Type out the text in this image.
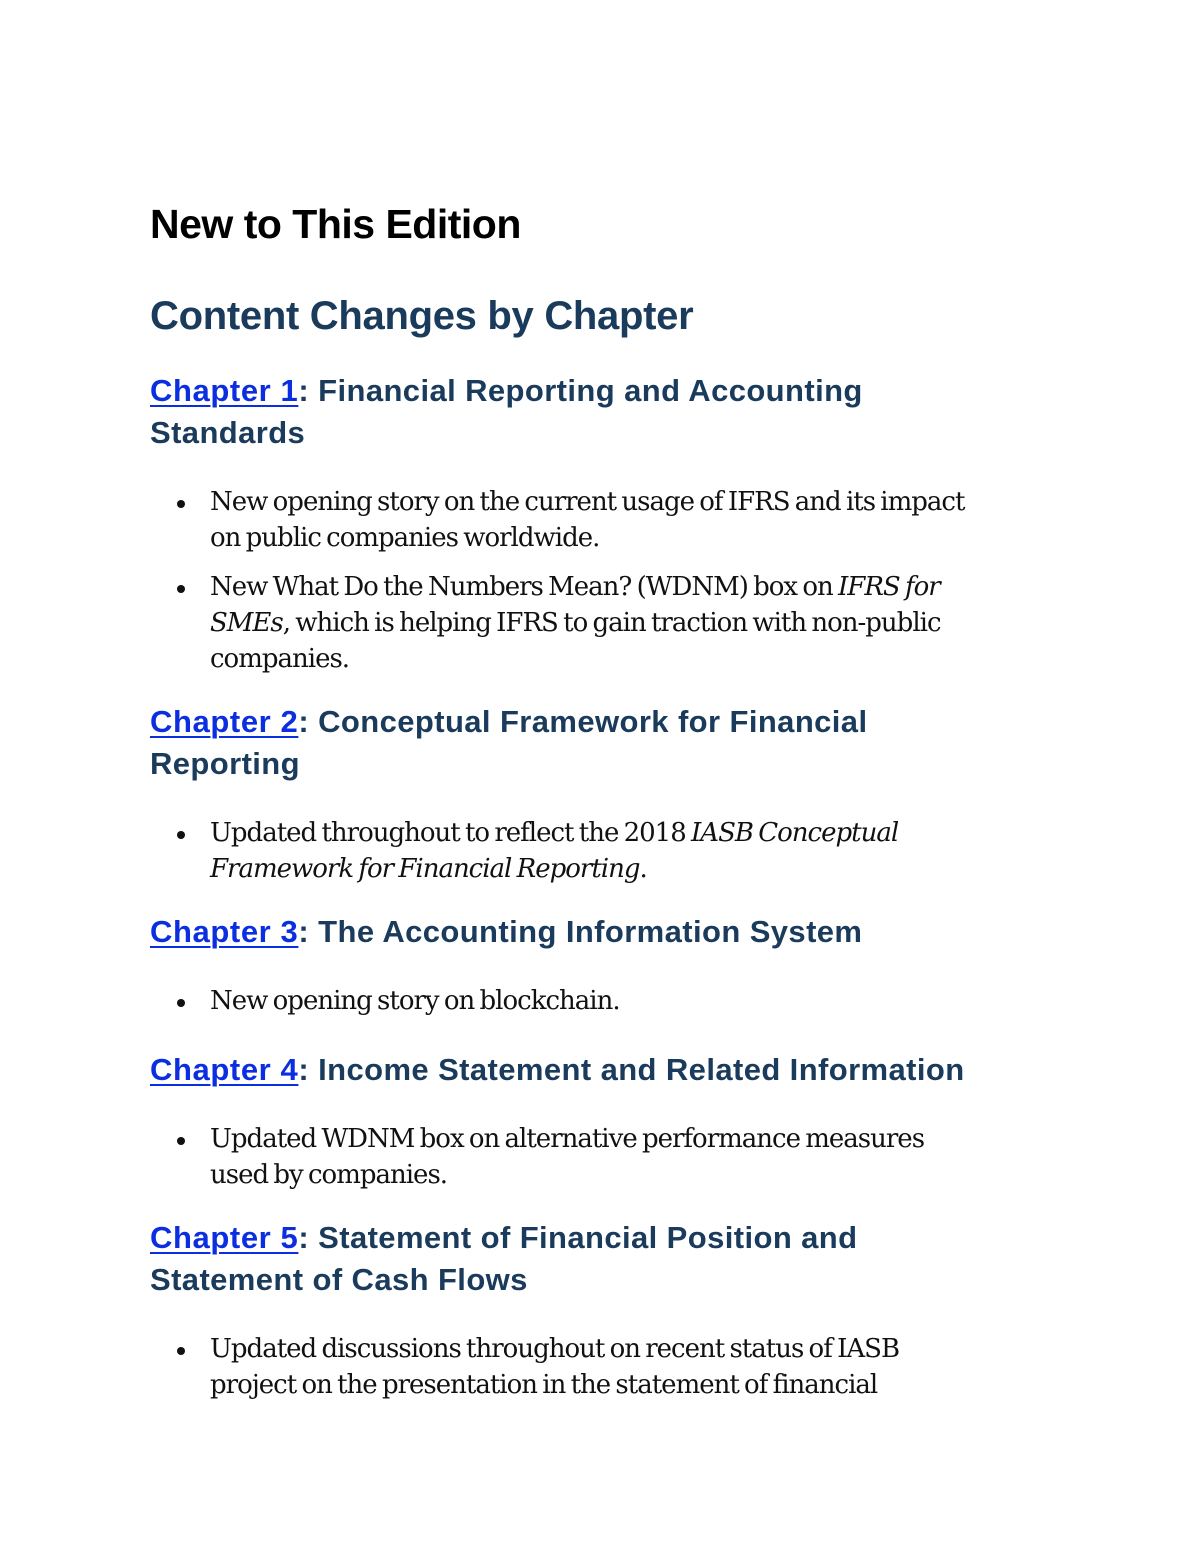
New to This Edition
Content Changes by Chapter
Chapter 1: Financial Reporting and Accounting
Standards
New opening story on the current usage of IFRS and its impact
on public companies worldwide.
New What Do the Numbers Mean? (WDNM) box on IFRS for
SMEs, which is helping IFRS to gain traction with non-public
companies.
Chapter 2: Conceptual Framework for Financial
Reporting
Updated throughout to reflect the 2018 IASB Conceptual
Framework for Financial Reporting.
Chapter 3: The Accounting Information System
New opening story on blockchain.
Chapter 4: Income Statement and Related Information
Updated WDNM box on alternative performance measures
used by companies.
Chapter 5: Statement of Financial Position and
Statement of Cash Flows
Updated discussions throughout on recent status of IASB
project on the presentation in the statement of financial
